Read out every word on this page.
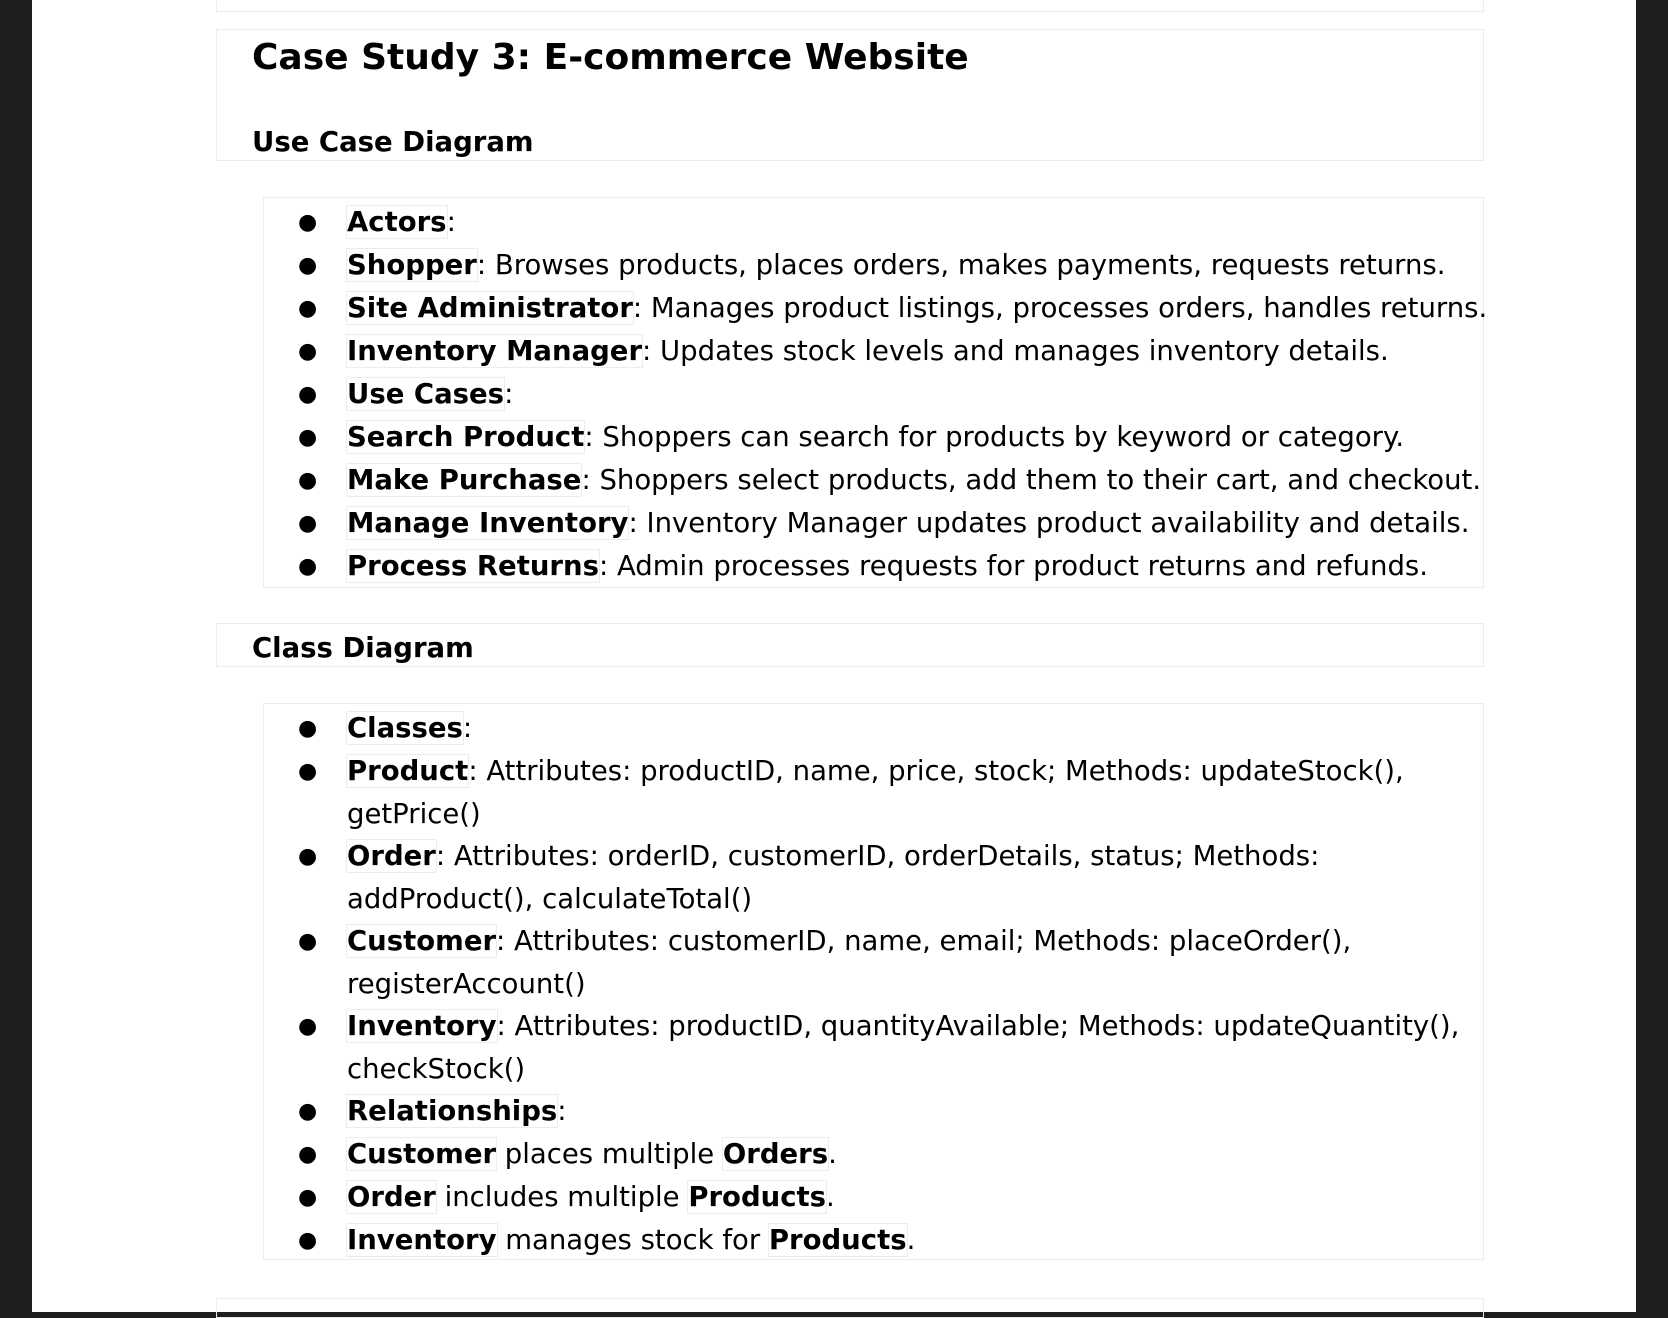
Case Study 3: E-commerce Website
Use Case Diagram
● Actors:
● Shopper: Browses products, places orders, makes payments, requests returns.
● Site Administrator: Manages product listings, processes orders, handles returns.
● Inventory Manager: Updates stock levels and manages inventory details.
● Use Cases:
● Search Product: Shoppers can search for products by keyword or category.
● Make Purchase: Shoppers select products, add them to their cart, and checkout.
● Manage Inventory: Inventory Manager updates product availability and details.
● Process Returns: Admin processes requests for product returns and refunds.
Class Diagram
● Classes:
● Product: Attributes: productID, name, price, stock; Methods: updateStock(),
getPrice()
● Order: Attributes: orderID, customerID, orderDetails, status; Methods:
addProduct(), calculateTotal()
● Customer: Attributes: customerID, name, email; Methods: placeOrder(),
registerAccount()
● Inventory: Attributes: productID, quantityAvailable; Methods: updateQuantity(),
checkStock()
● Relationships:
● Customer places multiple Orders.
● Order includes multiple Products.
● Inventory manages stock for Products.
